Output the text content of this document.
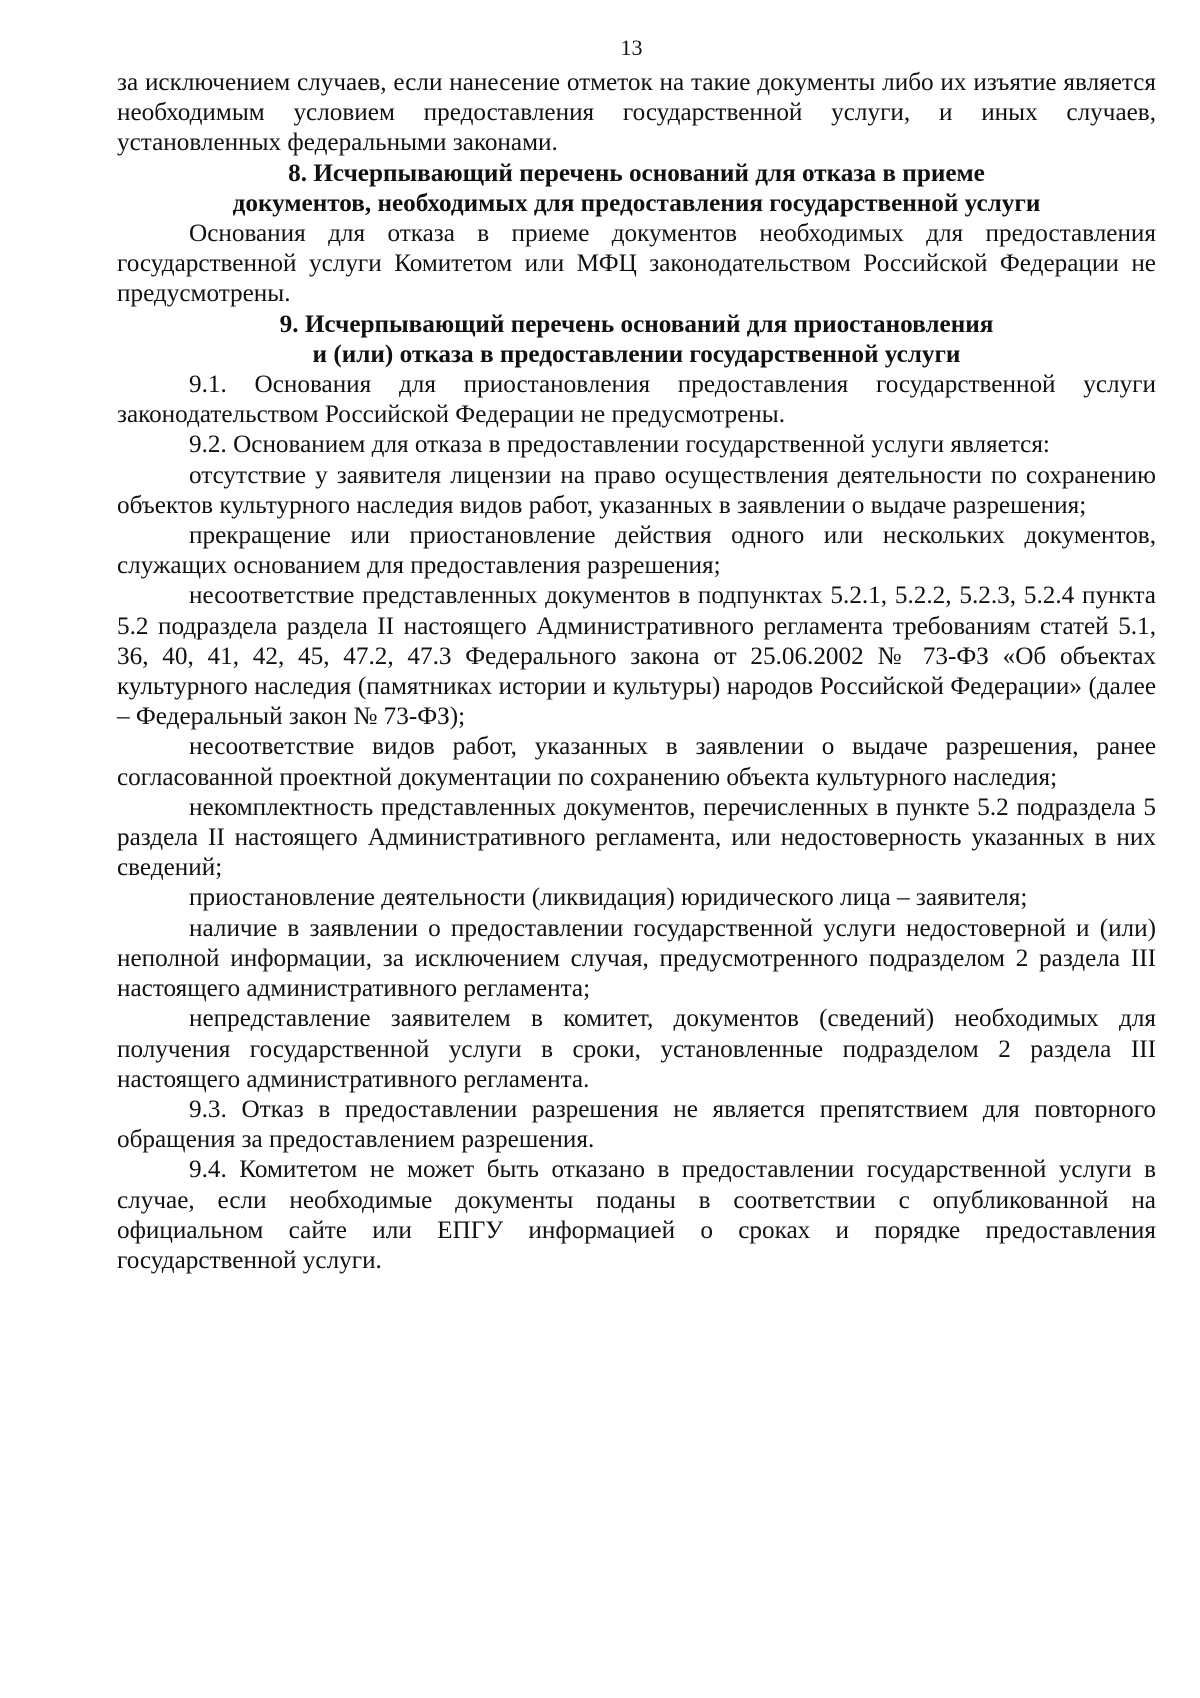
13

за исключением случаев, если нанесение отметок на такие документы либо их изъятие является необходимым условием предоставления государственной услуги, и иных случаев, установленных федеральными законами.

8. Исчерпывающий перечень оснований для отказа в приеме
документов, необходимых для предоставления государственной услуги

Основания для отказа в приеме документов необходимых для предоставления государственной услуги Комитетом или МФЦ законодательством Российской Федерации не предусмотрены.

9. Исчерпывающий перечень оснований для приостановления
и (или) отказа в предоставлении государственной услуги

9.1. Основания для приостановления предоставления государственной услуги законодательством Российской Федерации не предусмотрены.

9.2. Основанием для отказа в предоставлении государственной услуги является:

отсутствие у заявителя лицензии на право осуществления деятельности по сохранению объектов культурного наследия видов работ, указанных в заявлении о выдаче разрешения;

прекращение или приостановление действия одного или нескольких документов, служащих основанием для предоставления разрешения;

несоответствие представленных документов в подпунктах 5.2.1, 5.2.2, 5.2.3, 5.2.4 пункта 5.2 подраздела раздела II настоящего Административного регламента требованиям статей 5.1, 36, 40, 41, 42, 45, 47.2, 47.3 Федерального закона от 25.06.2002 № 73-ФЗ «Об объектах культурного наследия (памятниках истории и культуры) народов Российской Федерации» (далее – Федеральный закон № 73-ФЗ);

несоответствие видов работ, указанных в заявлении о выдаче разрешения, ранее согласованной проектной документации по сохранению объекта культурного наследия;

некомплектность представленных документов, перечисленных в пункте 5.2 подраздела 5 раздела II настоящего Административного регламента, или недостоверность указанных в них сведений;

приостановление деятельности (ликвидация) юридического лица – заявителя;

наличие в заявлении о предоставлении государственной услуги недостоверной и (или) неполной информации, за исключением случая, предусмотренного подразделом 2 раздела III настоящего административного регламента;

непредставление заявителем в комитет, документов (сведений) необходимых для получения государственной услуги в сроки, установленные подразделом 2 раздела III настоящего административного регламента.

9.3. Отказ в предоставлении разрешения не является препятствием для повторного обращения за предоставлением разрешения.

9.4. Комитетом не может быть отказано в предоставлении государственной услуги в случае, если необходимые документы поданы в соответствии с опубликованной на официальном сайте или ЕПГУ информацией о сроках и порядке предоставления государственной услуги.
